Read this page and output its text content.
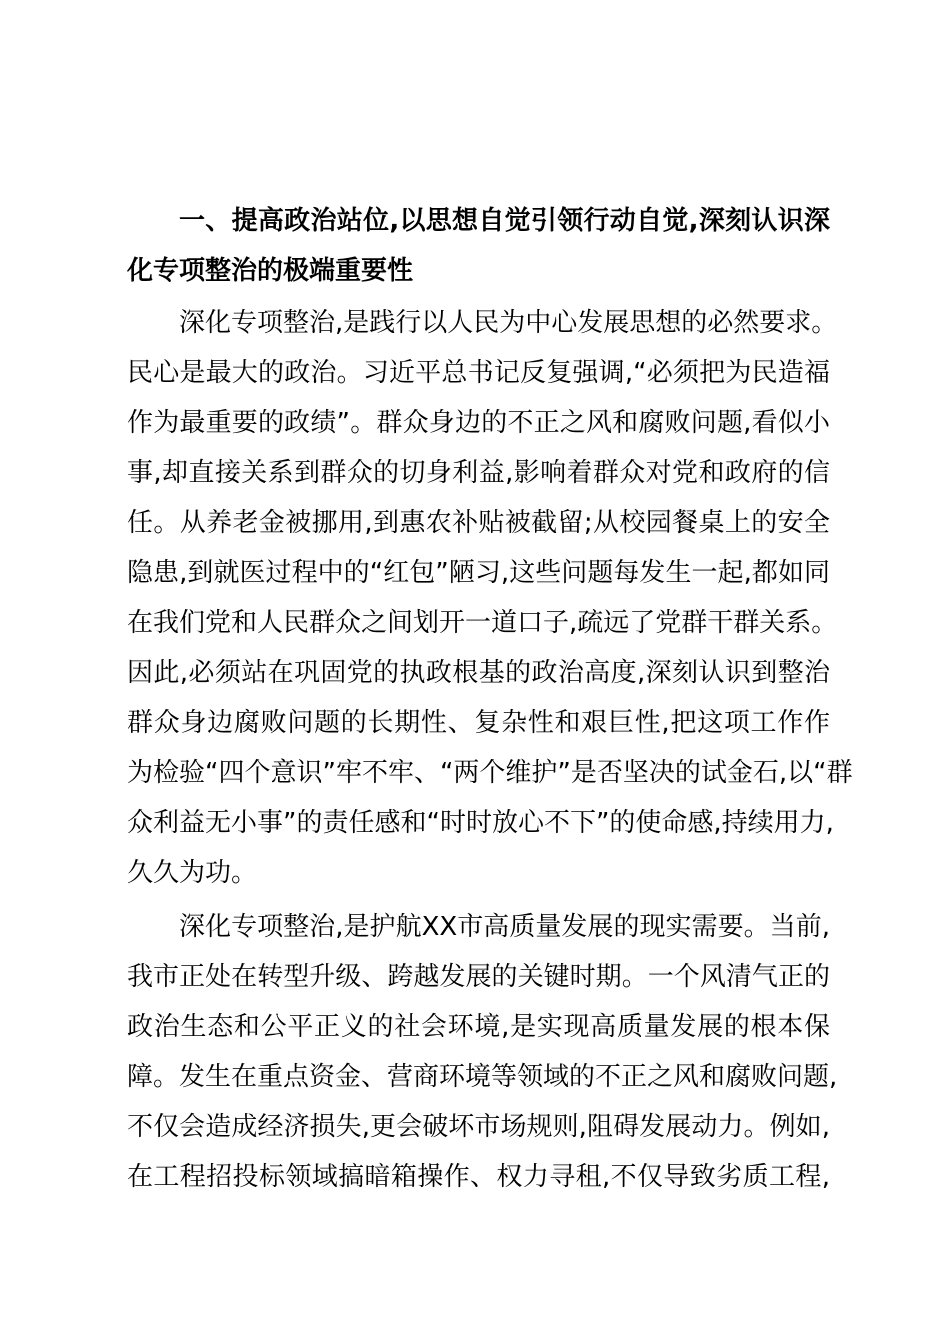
一、提高政治站位,以思想自觉引领行动自觉,深刻认识深
化专项整治的极端重要性
深化专项整治,是践行以人民为中心发展思想的必然要求。
民心是最大的政治。习近平总书记反复强调,“必须把为民造福
作为最重要的政绩”。群众身边的不正之风和腐败问题,看似小
事,却直接关系到群众的切身利益,影响着群众对党和政府的信
任。从养老金被挪用,到惠农补贴被截留;从校园餐桌上的安全
隐患,到就医过程中的“红包”陋习,这些问题每发生一起,都如同
在我们党和人民群众之间划开一道口子,疏远了党群干群关系。
因此,必须站在巩固党的执政根基的政治高度,深刻认识到整治
群众身边腐败问题的长期性、复杂性和艰巨性,把这项工作作
为检验“四个意识”牢不牢、“两个维护”是否坚决的试金石,以“群
众利益无小事”的责任感和“时时放心不下”的使命感,持续用力,
久久为功。
深化专项整治,是护航XX市高质量发展的现实需要。当前,
我市正处在转型升级、跨越发展的关键时期。一个风清气正的
政治生态和公平正义的社会环境,是实现高质量发展的根本保
障。发生在重点资金、营商环境等领域的不正之风和腐败问题,
不仅会造成经济损失,更会破坏市场规则,阻碍发展动力。例如,
在工程招投标领域搞暗箱操作、权力寻租,不仅导致劣质工程,
